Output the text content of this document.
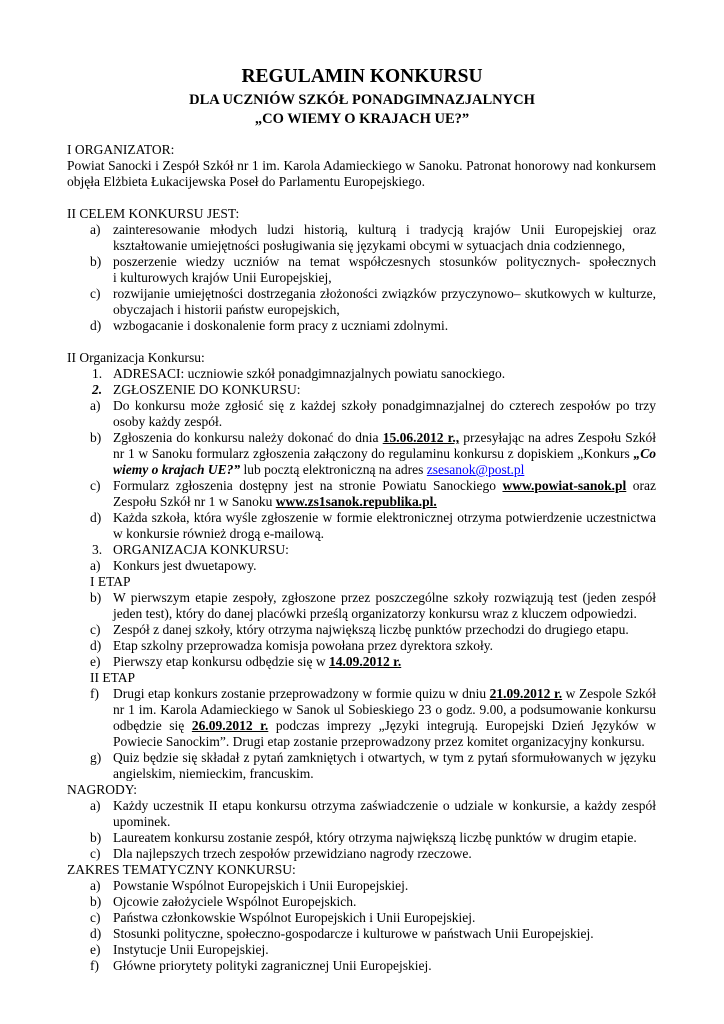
REGULAMIN KONKURSU
DLA UCZNIÓW SZKÓŁ PONADGIMNAZJALNYCH
„CO WIEMY O KRAJACH UE?”
I ORGANIZATOR:
Powiat Sanocki i Zespół Szkół nr 1 im. Karola Adamieckiego w Sanoku. Patronat honorowy nad konkursem
objęła Elżbieta Łukacijewska Poseł do Parlamentu Europejskiego.
II CELEM KONKURSU JEST:
a) zainteresowanie młodych ludzi historią, kulturą i tradycją krajów Unii Europejskiej oraz
kształtowanie umiejętności posługiwania się językami obcymi w sytuacjach dnia codziennego,
b) poszerzenie wiedzy uczniów na temat współczesnych stosunków politycznych- społecznych
i kulturowych krajów Unii Europejskiej,
c) rozwijanie umiejętności dostrzegania złożoności związków przyczynowo– skutkowych w kulturze,
obyczajach i historii państw europejskich,
d) wzbogacanie i doskonalenie form pracy z uczniami zdolnymi.
II Organizacja Konkursu:
1. ADRESACI: uczniowie szkół ponadgimnazjalnych powiatu sanockiego.
2. ZGŁOSZENIE DO KONKURSU:
a) Do konkursu może zgłosić się z każdej szkoły ponadgimnazjalnej do czterech zespołów po trzy
osoby każdy zespół.
b) Zgłoszenia do konkursu należy dokonać do dnia 15.06.2012 r., przesyłając na adres Zespołu Szkół
nr 1 w Sanoku formularz zgłoszenia załączony do regulaminu konkursu z dopiskiem „Konkurs „Co
wiemy o krajach UE?” lub pocztą elektroniczną na adres zsesanok@post.pl
c) Formularz zgłoszenia dostępny jest na stronie Powiatu Sanockiego www.powiat-sanok.pl oraz
Zespołu Szkół nr 1 w Sanoku www.zs1sanok.republika.pl.
d) Każda szkoła, która wyśle zgłoszenie w formie elektronicznej otrzyma potwierdzenie uczestnictwa
w konkursie również drogą e-mailową.
3. ORGANIZACJA KONKURSU:
a) Konkurs jest dwuetapowy.
I ETAP
b) W pierwszym etapie zespoły, zgłoszone przez poszczególne szkoły rozwiązują test (jeden zespół
jeden test), który do danej placówki prześlą organizatorzy konkursu wraz z kluczem odpowiedzi.
c) Zespół z danej szkoły, który otrzyma największą liczbę punktów przechodzi do drugiego etapu.
d) Etap szkolny przeprowadza komisja powołana przez dyrektora szkoły.
e) Pierwszy etap konkursu odbędzie się w 14.09.2012 r.
II ETAP
f) Drugi etap konkurs zostanie przeprowadzony w formie quizu w dniu 21.09.2012 r. w Zespole Szkół
nr 1 im. Karola Adamieckiego w Sanok ul Sobieskiego 23 o godz. 9.00, a podsumowanie konkursu
odbędzie się 26.09.2012 r. podczas imprezy „Języki integrują. Europejski Dzień Języków w
Powiecie Sanockim”. Drugi etap zostanie przeprowadzony przez komitet organizacyjny konkursu.
g) Quiz będzie się składał z pytań zamkniętych i otwartych, w tym z pytań sformułowanych w języku
angielskim, niemieckim, francuskim.
NAGRODY:
a) Każdy uczestnik II etapu konkursu otrzyma zaświadczenie o udziale w konkursie, a każdy zespół
upominek.
b) Laureatem konkursu zostanie zespół, który otrzyma największą liczbę punktów w drugim etapie.
c) Dla najlepszych trzech zespołów przewidziano nagrody rzeczowe.
ZAKRES TEMATYCZNY KONKURSU:
a) Powstanie Wspólnot Europejskich i Unii Europejskiej.
b) Ojcowie założyciele Wspólnot Europejskich.
c) Państwa członkowskie Wspólnot Europejskich i Unii Europejskiej.
d) Stosunki polityczne, społeczno-gospodarcze i kulturowe w państwach Unii Europejskiej.
e) Instytucje Unii Europejskiej.
f) Główne priorytety polityki zagranicznej Unii Europejskiej.
